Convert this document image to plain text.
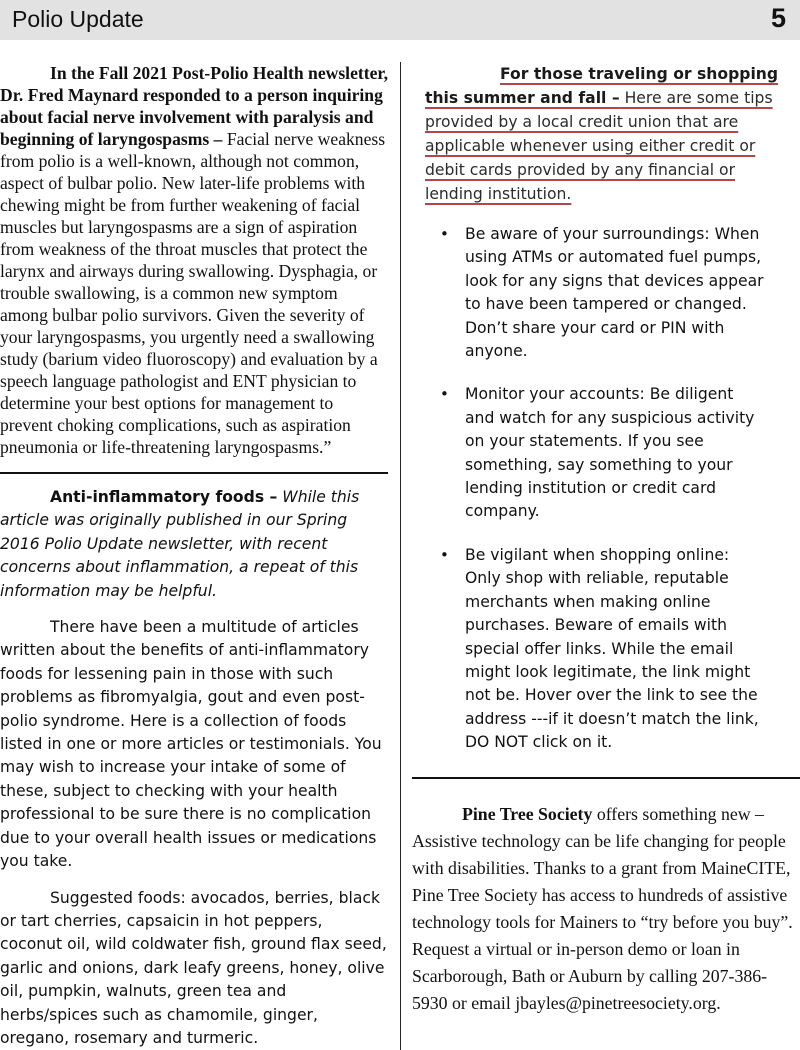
Polio Update	5

In the Fall 2021 Post-Polio Health newsletter, Dr. Fred Maynard responded to a person inquiring about facial nerve involvement with paralysis and beginning of laryngospasms – Facial nerve weakness from polio is a well-known, although not common, aspect of bulbar polio. New later-life problems with chewing might be from further weakening of facial muscles but laryngospasms are a sign of aspiration from weakness of the throat muscles that protect the larynx and airways during swallowing. Dysphagia, or trouble swallowing, is a common new symptom among bulbar polio survivors. Given the severity of your laryngospasms, you urgently need a swallowing study (barium video fluoroscopy) and evaluation by a speech language pathologist and ENT physician to determine your best options for management to prevent choking complications, such as aspiration pneumonia or life-threatening laryngospasms.”

Anti-inflammatory foods – While this article was originally published in our Spring 2016 Polio Update newsletter, with recent concerns about inflammation, a repeat of this information may be helpful.

There have been a multitude of articles written about the benefits of anti-inflammatory foods for lessening pain in those with such problems as fibromyalgia, gout and even post-polio syndrome. Here is a collection of foods listed in one or more articles or testimonials. You may wish to increase your intake of some of these, subject to checking with your health professional to be sure there is no complication due to your overall health issues or medications you take.

Suggested foods: avocados, berries, black or tart cherries, capsaicin in hot peppers, coconut oil, wild coldwater fish, ground flax seed, garlic and onions, dark leafy greens, honey, olive oil, pumpkin, walnuts, green tea and herbs/spices such as chamomile, ginger, oregano, rosemary and turmeric.

For those traveling or shopping this summer and fall – Here are some tips provided by a local credit union that are applicable whenever using either credit or debit cards provided by any financial or lending institution.

• Be aware of your surroundings: When using ATMs or automated fuel pumps, look for any signs that devices appear to have been tampered or changed. Don’t share your card or PIN with anyone.
• Monitor your accounts: Be diligent and watch for any suspicious activity on your statements. If you see something, say something to your lending institution or credit card company.
• Be vigilant when shopping online: Only shop with reliable, reputable merchants when making online purchases. Beware of emails with special offer links. While the email might look legitimate, the link might not be. Hover over the link to see the address ---if it doesn’t match the link, DO NOT click on it.

Pine Tree Society offers something new – Assistive technology can be life changing for people with disabilities. Thanks to a grant from MaineCITE, Pine Tree Society has access to hundreds of assistive technology tools for Mainers to “try before you buy”. Request a virtual or in-person demo or loan in Scarborough, Bath or Auburn by calling 207-386-5930 or email jbayles@pinetreesociety.org.
